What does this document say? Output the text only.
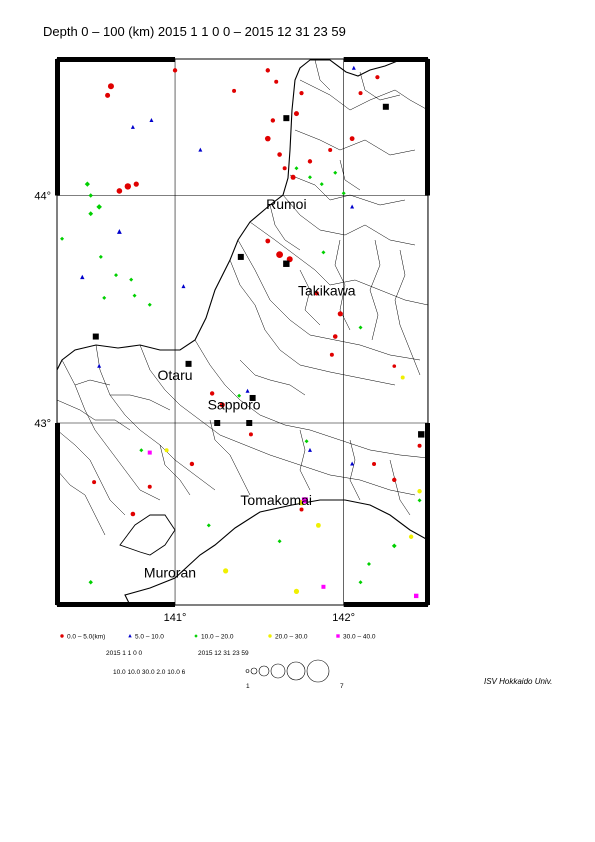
Depth 0 – 100 (km) 2015 1 1 0 0 – 2015 12 31 23 59
Rumoi
Takikawa
Otaru
Sapporo
Tomakomai
Muroran
141°	142°
44°
43°
0.0 – 5.0(km)	5.0 – 10.0	10.0 – 20.0	20.0 – 30.0	30.0 – 40.0
2015 1 1 0 0	2015 12 31 23 59
10.0 10.0 30.0 2.0 10.0 6
1	7
ISV Hokkaido Univ.
